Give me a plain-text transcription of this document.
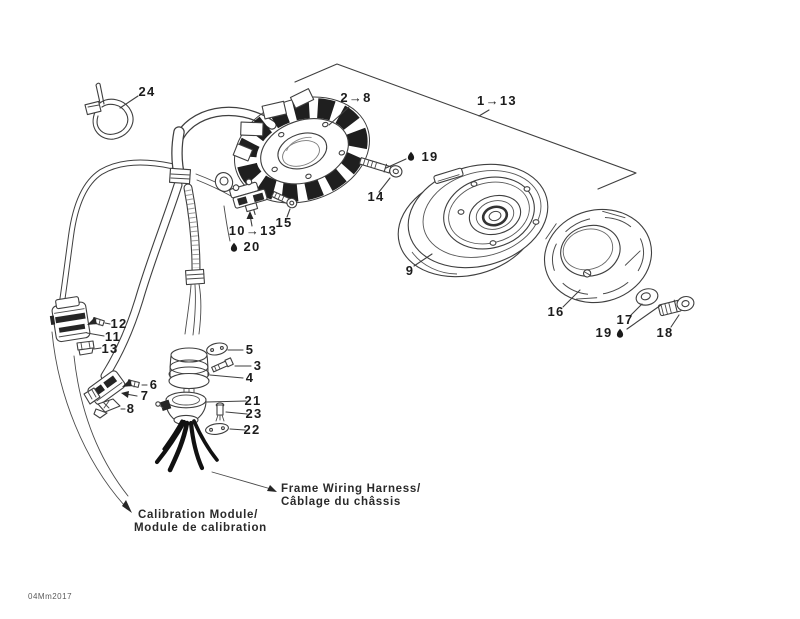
24	2→8	1→13
19
14
15
10→13
20
9
16
17
19	18
12
11
13	5
3
4
6
7
8
21
23
22
Frame Wiring Harness/
Câblage du châssis
Calibration Module/
Module de calibration
04Mm2017
